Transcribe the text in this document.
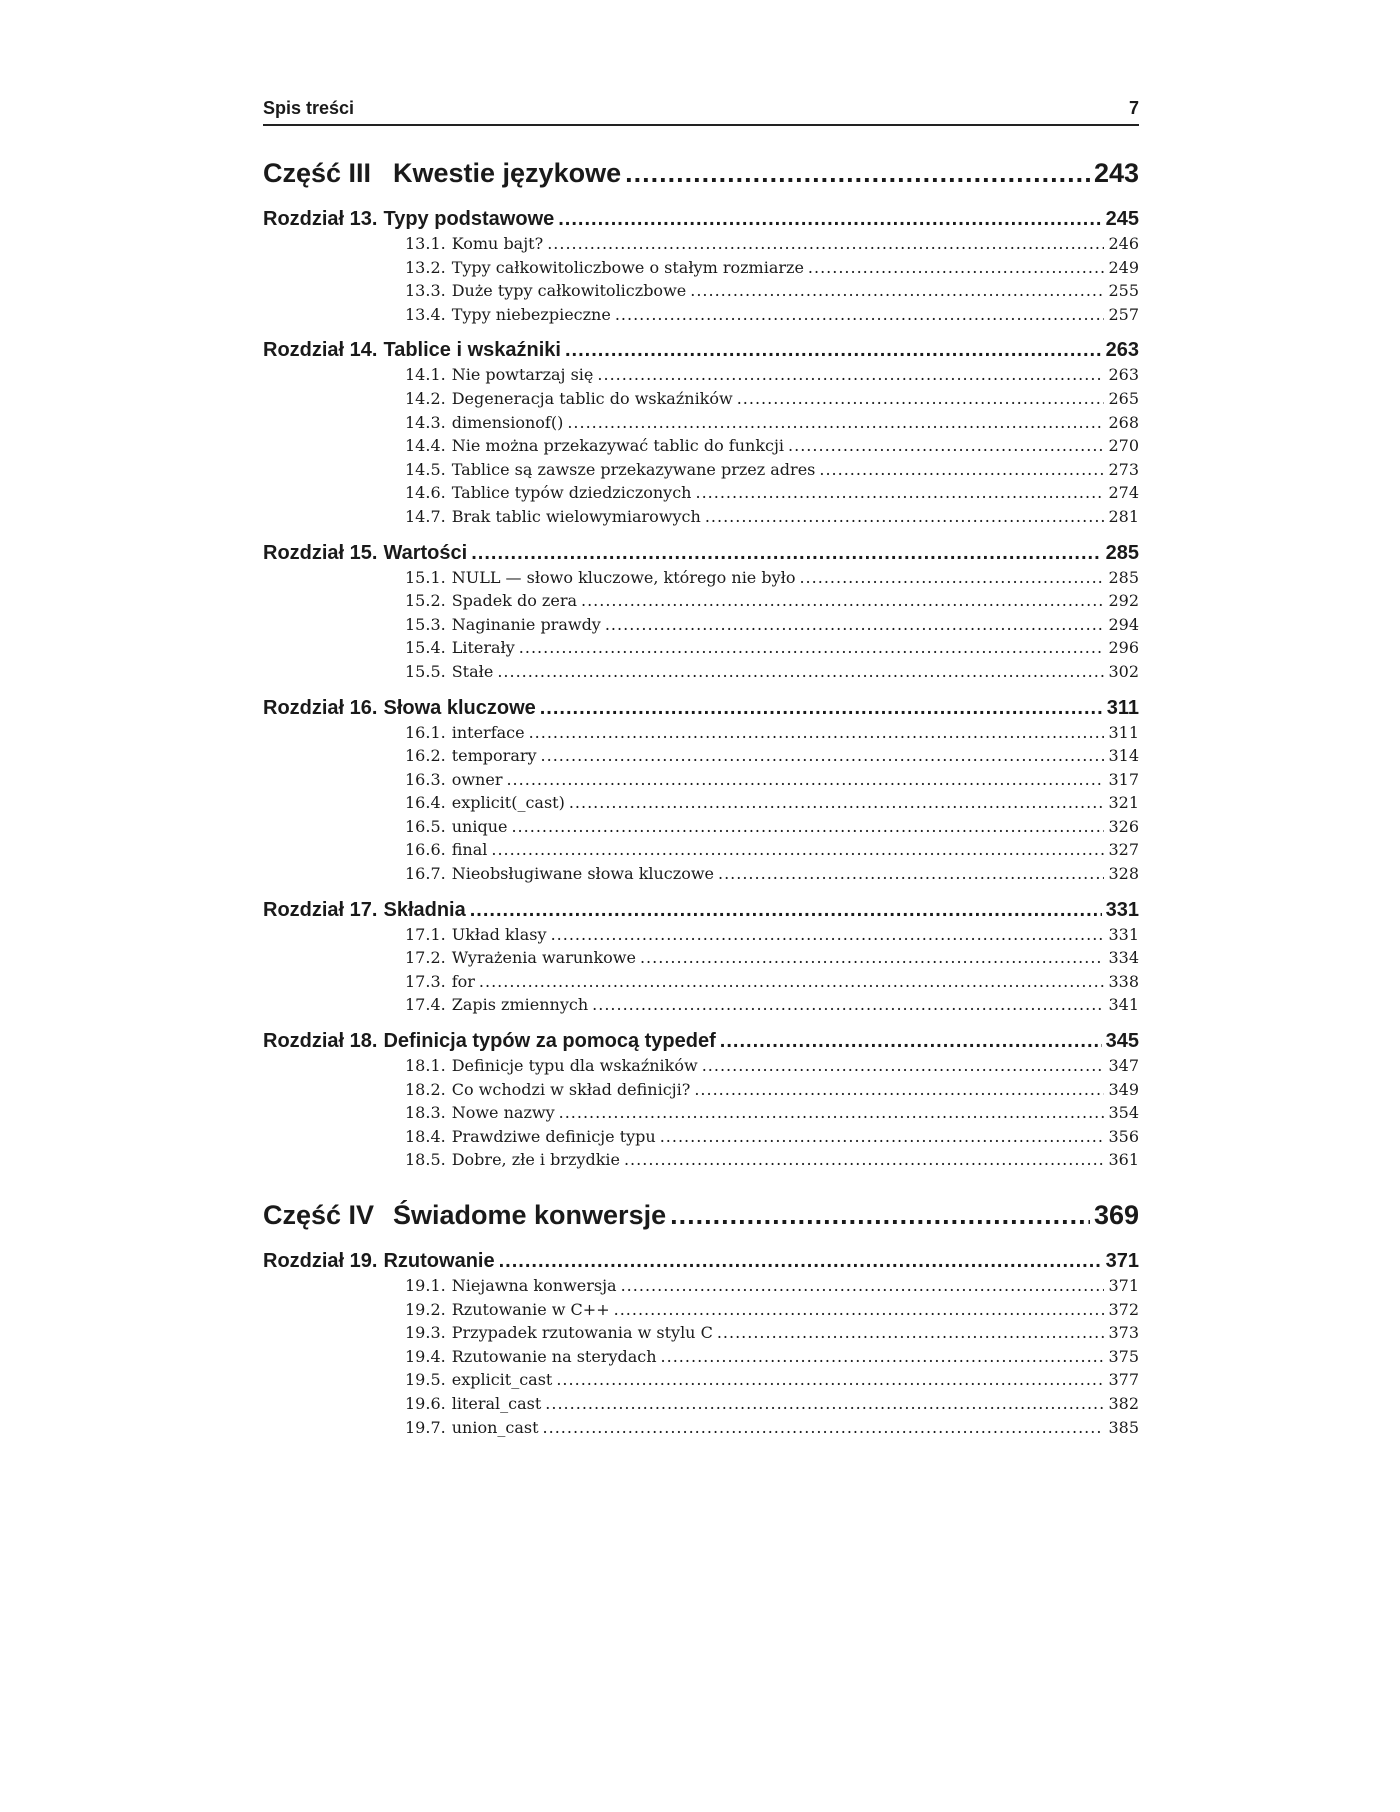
Spis treści	7
Część III Kwestie językowe .....	243
Rozdział 13. Typy podstawowe .....	245
13.1. Komu bajt? .....	246
13.2. Typy całkowitoliczbowe o stałym rozmiarze .....	249
13.3. Duże typy całkowitoliczbowe .....	255
13.4. Typy niebezpieczne .....	257
Rozdział 14. Tablice i wskaźniki .....	263
14.1. Nie powtarzaj się .....	263
14.2. Degeneracja tablic do wskaźników .....	265
14.3. dimensionof() .....	268
14.4. Nie można przekazywać tablic do funkcji .....	270
14.5. Tablice są zawsze przekazywane przez adres .....	273
14.6. Tablice typów dziedziczonych .....	274
14.7. Brak tablic wielowymiarowych .....	281
Rozdział 15. Wartości .....	285
15.1. NULL — słowo kluczowe, którego nie było .....	285
15.2. Spadek do zera .....	292
15.3. Naginanie prawdy .....	294
15.4. Literały .....	296
15.5. Stałe .....	302
Rozdział 16. Słowa kluczowe .....	311
16.1. interface .....	311
16.2. temporary .....	314
16.3. owner .....	317
16.4. explicit(_cast) .....	321
16.5. unique .....	326
16.6. final .....	327
16.7. Nieobsługiwane słowa kluczowe .....	328
Rozdział 17. Składnia .....	331
17.1. Układ klasy .....	331
17.2. Wyrażenia warunkowe .....	334
17.3. for .....	338
17.4. Zapis zmiennych .....	341
Rozdział 18. Definicja typów za pomocą typedef .....	345
18.1. Definicje typu dla wskaźników .....	347
18.2. Co wchodzi w skład definicji? .....	349
18.3. Nowe nazwy .....	354
18.4. Prawdziwe definicje typu .....	356
18.5. Dobre, złe i brzydkie .....	361
Część IV Świadome konwersje .....	369
Rozdział 19. Rzutowanie .....	371
19.1. Niejawna konwersja .....	371
19.2. Rzutowanie w C++ .....	372
19.3. Przypadek rzutowania w stylu C .....	373
19.4. Rzutowanie na sterydach .....	375
19.5. explicit_cast .....	377
19.6. literal_cast .....	382
19.7. union_cast .....	385
